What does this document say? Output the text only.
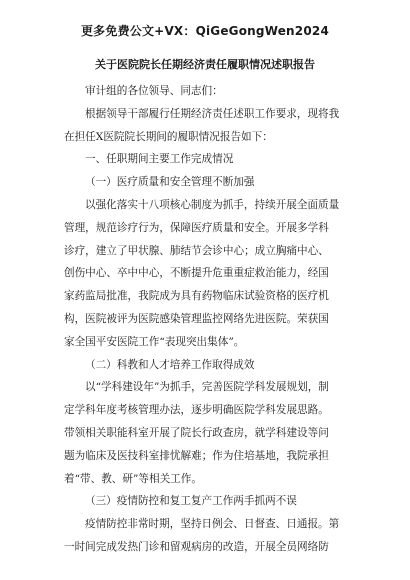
更多免费公文+VX：QiGeGongWen2024
关于医院院长任期经济责任履职情况述职报告
审计组的各位领导、同志们：
根据领导干部履行任期经济责任述职工作要求，现将我
在担任X医院院长期间的履职情况报告如下：
一、任职期间主要工作完成情况
（一）医疗质量和安全管理不断加强
以强化落实十八项核心制度为抓手，持续开展全面质量
管理，规范诊疗行为，保障医疗质量和安全。开展多学科
诊疗，建立了甲状腺、肺结节会诊中心；成立胸痛中心、
创伤中心、卒中中心，不断提升危重重症救治能力，经国
家药监局批准，我院成为具有药物临床试验资格的医疗机
构，医院被评为医院感染管理监控网络先进医院。荣获国
家全国平安医院工作“表现突出集体”。
（二）科教和人才培养工作取得成效
以“学科建设年”为抓手，完善医院学科发展规划，制
定学科年度考核管理办法，逐步明确医院学科发展思路。
带领相关职能科室开展了院长行政查房，就学科建设等问
题为临床及医技科室排忧解难；作为住培基地，我院承担
着“带、教、研”等相关工作。
（三）疫情防控和复工复产工作两手抓两不误
疫情防控非常时期，坚持日例会、日督查、日通报。第
一时间完成发热门诊和留观病房的改造，开展全员网络防
